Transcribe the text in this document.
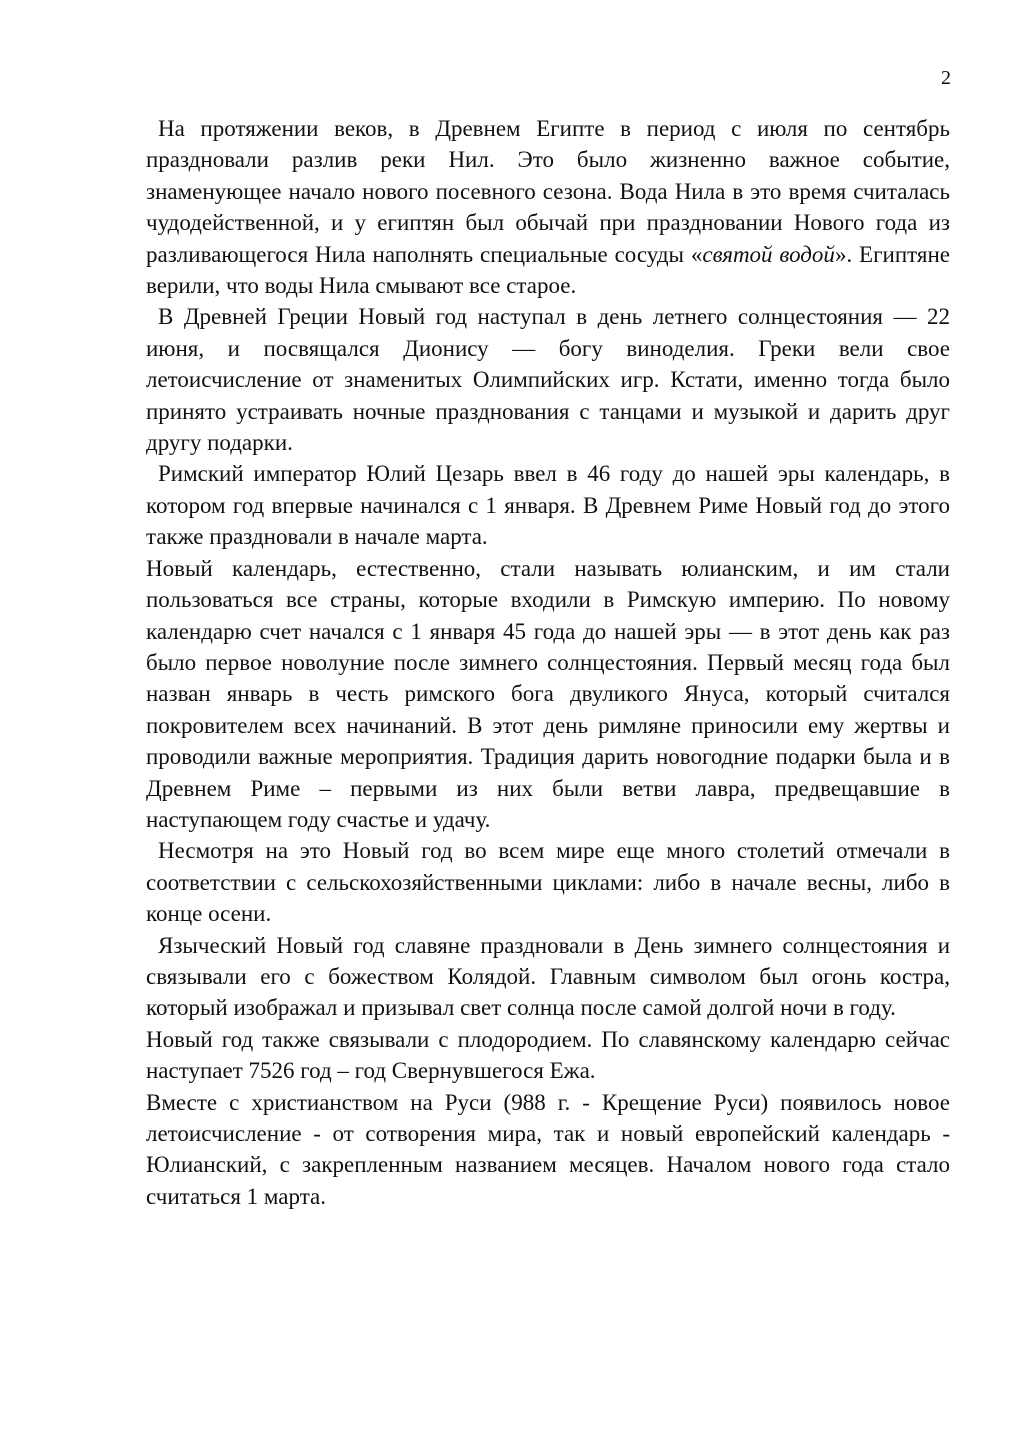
2

На протяжении веков, в Древнем Египте в период с июля по сентябрь праздновали разлив реки Нил. Это было жизненно важное событие, знаменующее начало нового посевного сезона. Вода Нила в это время считалась чудодейственной, и у египтян был обычай при праздновании Нового года из разливающегося Нила наполнять специальные сосуды «святой водой». Египтяне верили, что воды Нила смывают все старое.

В Древней Греции Новый год наступал в день летнего солнцестояния — 22 июня, и посвящался Дионису — богу виноделия. Греки вели свое летоисчисление от знаменитых Олимпийских игр. Кстати, именно тогда было принято устраивать ночные празднования с танцами и музыкой и дарить друг другу подарки.

Римский император Юлий Цезарь ввел в 46 году до нашей эры календарь, в котором год впервые начинался с 1 января. В Древнем Риме Новый год до этого также праздновали в начале марта.

Новый календарь, естественно, стали называть юлианским, и им стали пользоваться все страны, которые входили в Римскую империю. По новому календарю счет начался с 1 января 45 года до нашей эры — в этот день как раз было первое новолуние после зимнего солнцестояния. Первый месяц года был назван январь в честь римского бога двуликого Януса, который считался покровителем всех начинаний. В этот день римляне приносили ему жертвы и проводили важные мероприятия. Традиция дарить новогодние подарки была и в Древнем Риме – первыми из них были ветви лавра, предвещавшие в наступающем году счастье и удачу.

Несмотря на это Новый год во всем мире еще много столетий отмечали в соответствии с сельскохозяйственными циклами: либо в начале весны, либо в конце осени.

Языческий Новый год славяне праздновали в День зимнего солнцестояния и связывали его с божеством Колядой. Главным символом был огонь костра, который изображал и призывал свет солнца после самой долгой ночи в году.

Новый год также связывали с плодородием. По славянскому календарю сейчас наступает 7526 год – год Свернувшегося Ежа.

Вместе с христианством на Руси (988 г. - Крещение Руси) появилось новое летоисчисление - от сотворения мира, так и новый европейский календарь - Юлианский, с закрепленным названием месяцев. Началом нового года стало считаться 1 марта.
